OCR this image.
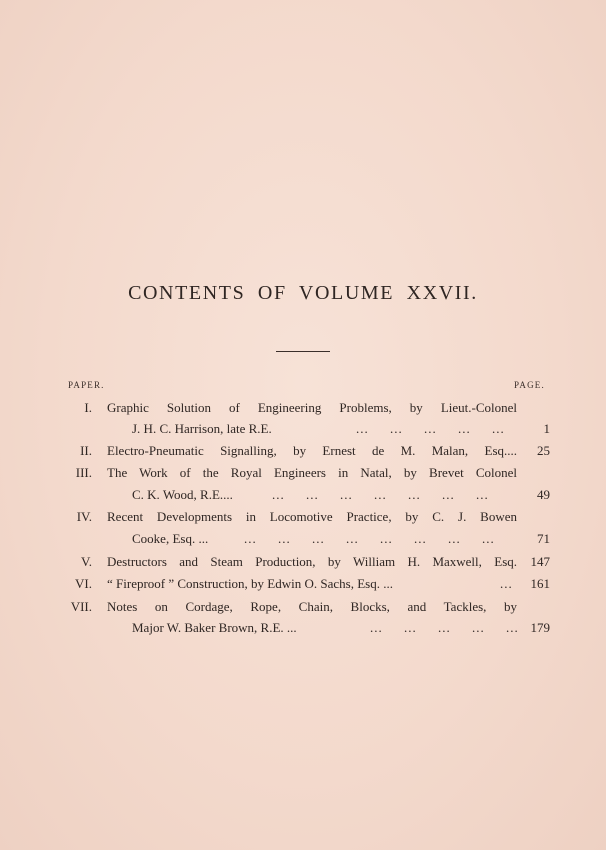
CONTENTS OF VOLUME XXVII.
PAPER.	PAGE.
I. Graphic Solution of Engineering Problems, by Lieut.-Colonel
J. H. C. Harrison, late R.E.	...     ...     ...     ...     ...	1
II. Electro-Pneumatic Signalling, by Ernest de M. Malan, Esq....	25
III. The Work of the Royal Engineers in Natal, by Brevet Colonel
C. K. Wood, R.E....	...     ...     ...     ...     ...     ...     ...	49
IV. Recent Developments in Locomotive Practice, by C. J. Bowen
Cooke, Esq. ...	...     ...     ...     ...     ...     ...     ...     ...	71
V. Destructors and Steam Production, by William H. Maxwell, Esq.	147
VI. “ Fireproof ” Construction, by Edwin O. Sachs, Esq. ...	...	161
VII. Notes on Cordage, Rope, Chain, Blocks, and Tackles, by
Major W. Baker Brown, R.E. ...	...     ...     ...     ...     ... 179
